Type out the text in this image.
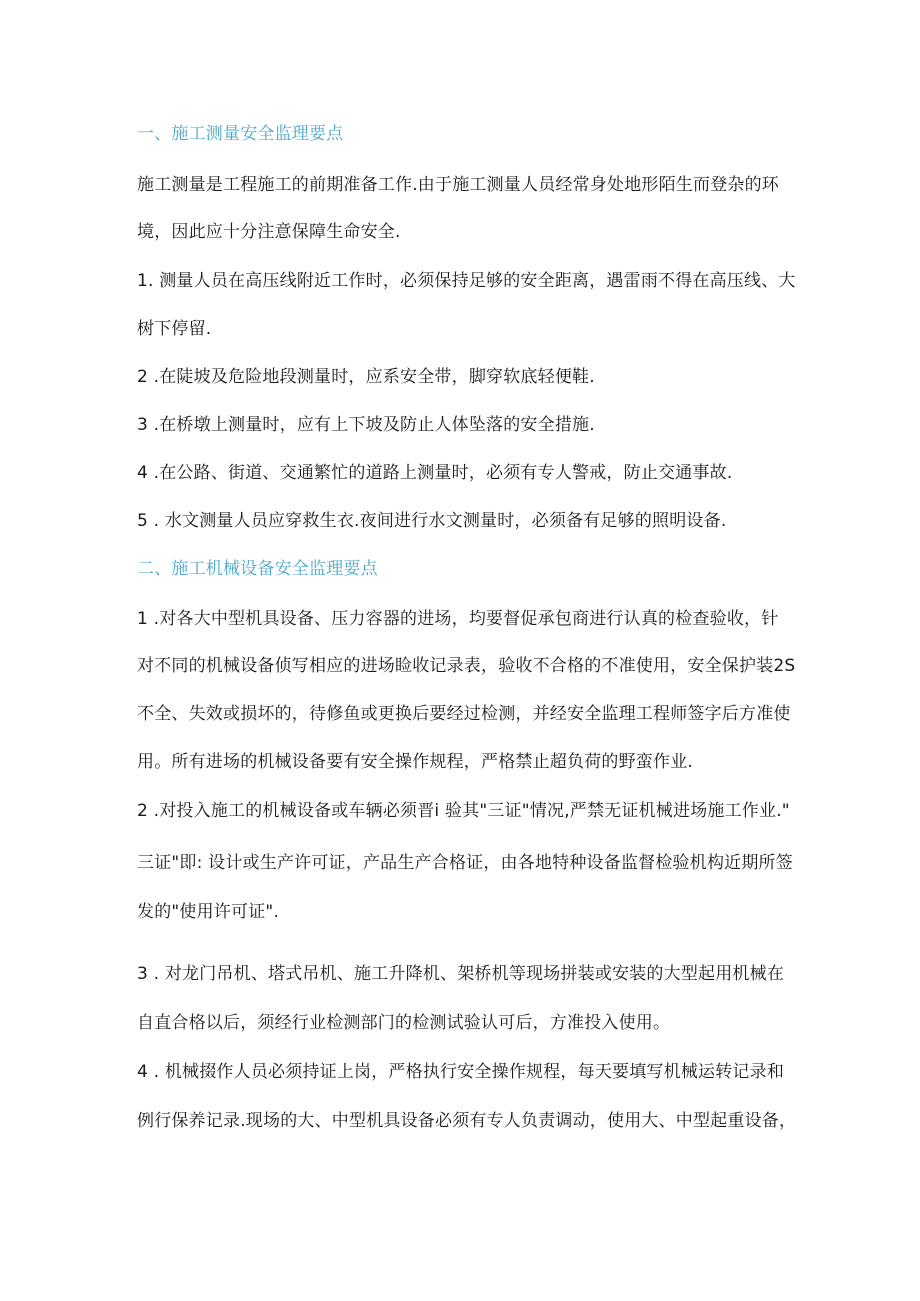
一、施工测量安全监理要点
施工测量是工程施工的前期准备工作.由于施工测量人员经常身处地形陌生而登杂的环
境，因此应十分注意保障生命安全.
1. 测量人员在高压线附近工作时，必须保持足够的安全距离，遇雷雨不得在高压线、大
树下停留.
2 .在陡坡及危险地段测量时，应系安全带，脚穿软底轻便鞋.
3 .在桥墩上测量时，应有上下坡及防止人体坠落的安全措施.
4 .在公路、街道、交通繁忙的道路上测量时，必须有专人警戒，防止交通事故.
5 . 水文测量人员应穿救生衣.夜间进行水文测量时，必须备有足够的照明设备.
二、施工机械设备安全监理要点
1 .对各大中型机具设备、压力容器的进场，均要督促承包商进行认真的检查验收，针
对不同的机械设备侦写相应的进场睑收记录表，验收不合格的不准使用，安全保护装2S
不全、失效或损坏的，待修鱼或更换后要经过检测，并经安全监理工程师签字后方准使
用。所有进场的机械设备要有安全操作规程，严格禁止超负荷的野蛮作业.
2 .对投入施工的机械设备或车辆必须晋i 验其"三证"情况,严禁无证机械进场施工作业."
三证"即: 设计或生产许可证，产品生产合格证，由各地特种设备监督检验机构近期所签
发的"使用许可证".
3 . 对龙门吊机、塔式吊机、施工升降机、架桥机等现场拼装或安装的大型起用机械在
自直合格以后，须经行业检测部门的检测试验认可后，方准投入使用。
4 . 机械掇作人员必须持证上岗，严格执行安全操作规程，每天要填写机械运转记录和
例行保养记录.现场的大、中型机具设备必须有专人负责调动，使用大、中型起重设备，
